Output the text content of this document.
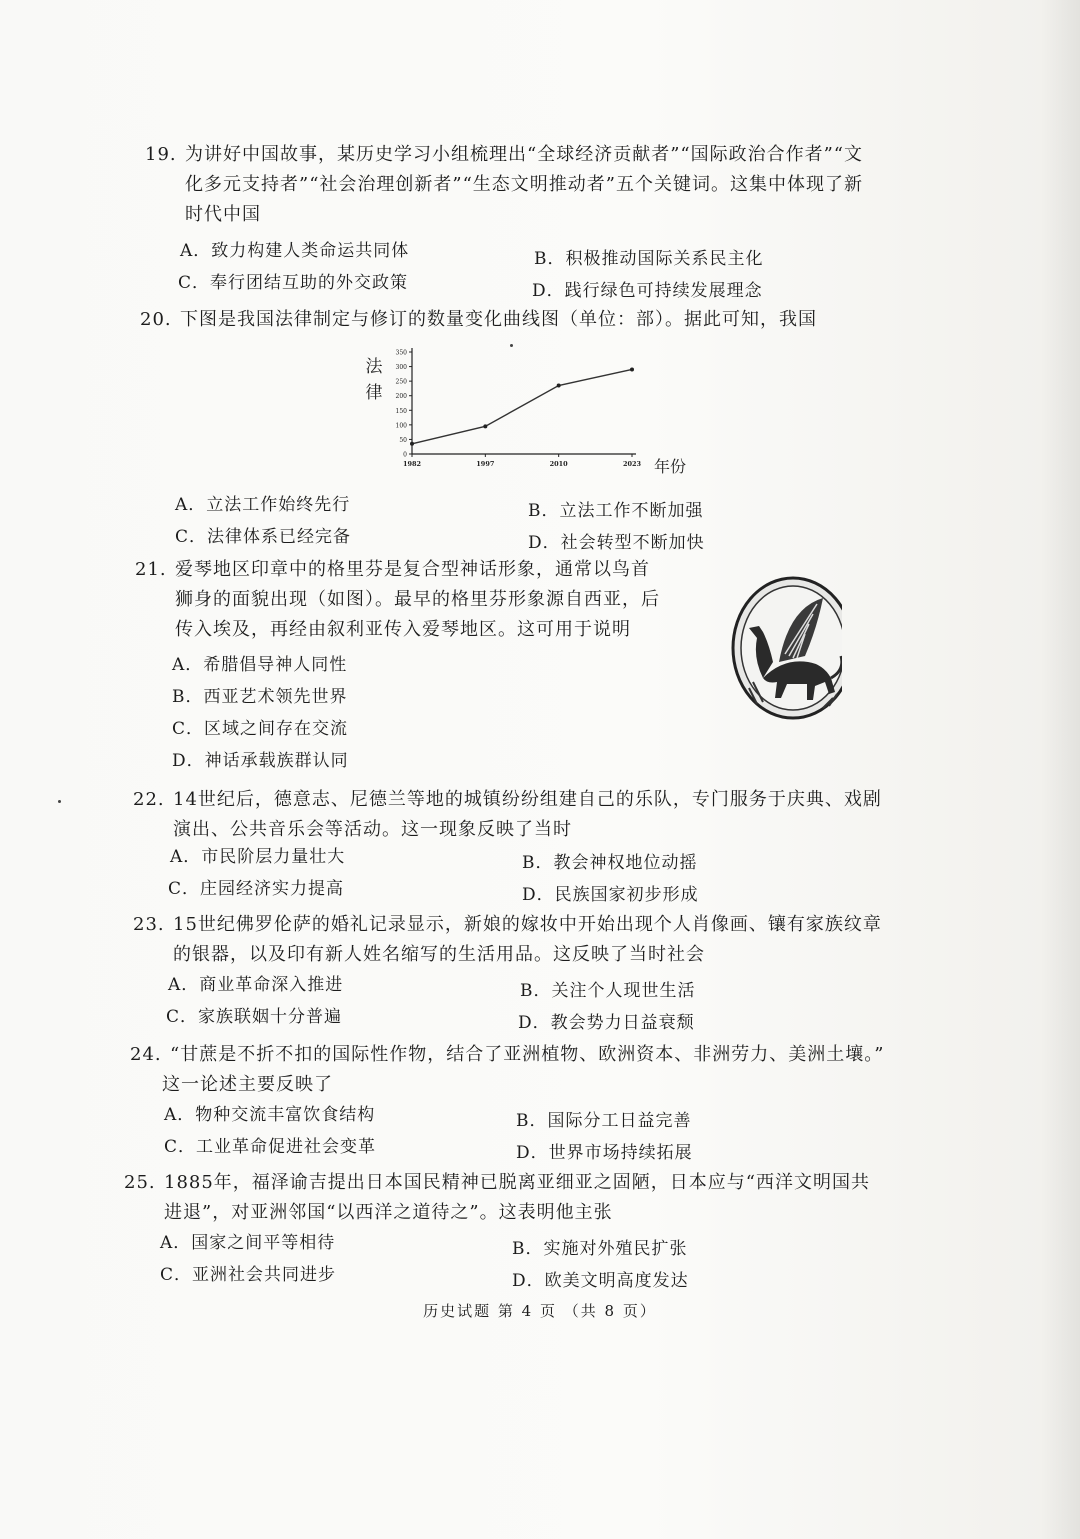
19. 为讲好中国故事，某历史学习小组梳理出“全球经济贡献者”“国际政治合作者”“文
化多元支持者”“社会治理创新者”“生态文明推动者”五个关键词。这集中体现了新
时代中国
A．致力构建人类命运共同体	B．积极推动国际关系民主化
C．奉行团结互助的外交政策	D．践行绿色可持续发展理念
20. 下图是我国法律制定与修订的数量变化曲线图（单位：部）。据此可知，我国
0
50
100
150
200
250
300
350
1982	1997	2010	2023
法
律
年份
A．立法工作始终先行	B．立法工作不断加强
C．法律体系已经完备	D．社会转型不断加快
21. 爱琴地区印章中的格里芬是复合型神话形象，通常以鸟首
狮身的面貌出现（如图）。最早的格里芬形象源自西亚，后
传入埃及，再经由叙利亚传入爱琴地区。这可用于说明
A．希腊倡导神人同性
B．西亚艺术领先世界
C．区域之间存在交流
D．神话承载族群认同
22. 14世纪后，德意志、尼德兰等地的城镇纷纷组建自己的乐队，专门服务于庆典、戏剧
演出、公共音乐会等活动。这一现象反映了当时
A．市民阶层力量壮大	B．教会神权地位动摇
C．庄园经济实力提高	D．民族国家初步形成
23. 15世纪佛罗伦萨的婚礼记录显示，新娘的嫁妆中开始出现个人肖像画、镶有家族纹章
的银器，以及印有新人姓名缩写的生活用品。这反映了当时社会
A．商业革命深入推进	B．关注个人现世生活
C．家族联姻十分普遍	D．教会势力日益衰颓
24. “甘蔗是不折不扣的国际性作物，结合了亚洲植物、欧洲资本、非洲劳力、美洲土壤。”
这一论述主要反映了
A．物种交流丰富饮食结构	B．国际分工日益完善
C．工业革命促进社会变革	D．世界市场持续拓展
25. 1885年，福泽谕吉提出日本国民精神已脱离亚细亚之固陋，日本应与“西洋文明国共
进退”，对亚洲邻国“以西洋之道待之”。这表明他主张
A．国家之间平等相待	B．实施对外殖民扩张
C．亚洲社会共同进步	D．欧美文明高度发达
历史试题 第 4 页 （共 8 页）
